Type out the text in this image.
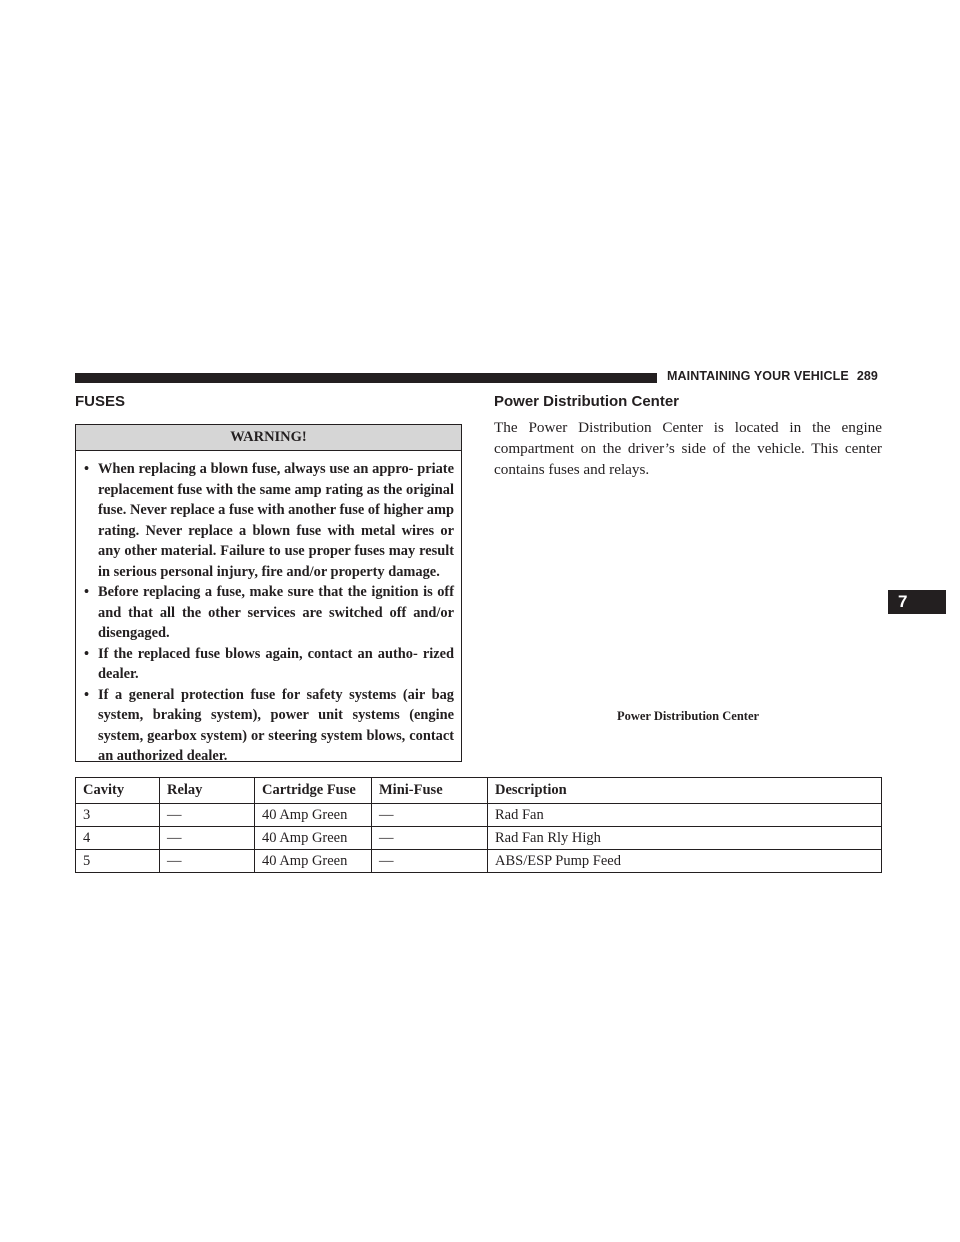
MAINTAINING YOUR VEHICLE 289
7
FUSES
WARNING!
• When replacing a blown fuse, always use an appro- priate replacement fuse with the same amp rating as the original fuse. Never replace a fuse with another fuse of higher amp rating. Never replace a blown fuse with metal wires or any other material. Failure to use proper fuses may result in serious personal injury, fire and/or property damage.
• Before replacing a fuse, make sure that the ignition is off and that all the other services are switched off and/or disengaged.
• If the replaced fuse blows again, contact an autho- rized dealer.
• If a general protection fuse for safety systems (air bag system, braking system), power unit systems (engine system, gearbox system) or steering system blows, contact an authorized dealer.
Power Distribution Center
The Power Distribution Center is located in the engine compartment on the driver’s side of the vehicle. This center contains fuses and relays.
Power Distribution Center
Cavity	Relay	Cartridge Fuse	Mini-Fuse	Description
3	—	40 Amp Green	—	Rad Fan
4	—	40 Amp Green	—	Rad Fan Rly High
5	—	40 Amp Green	—	ABS/ESP Pump Feed
